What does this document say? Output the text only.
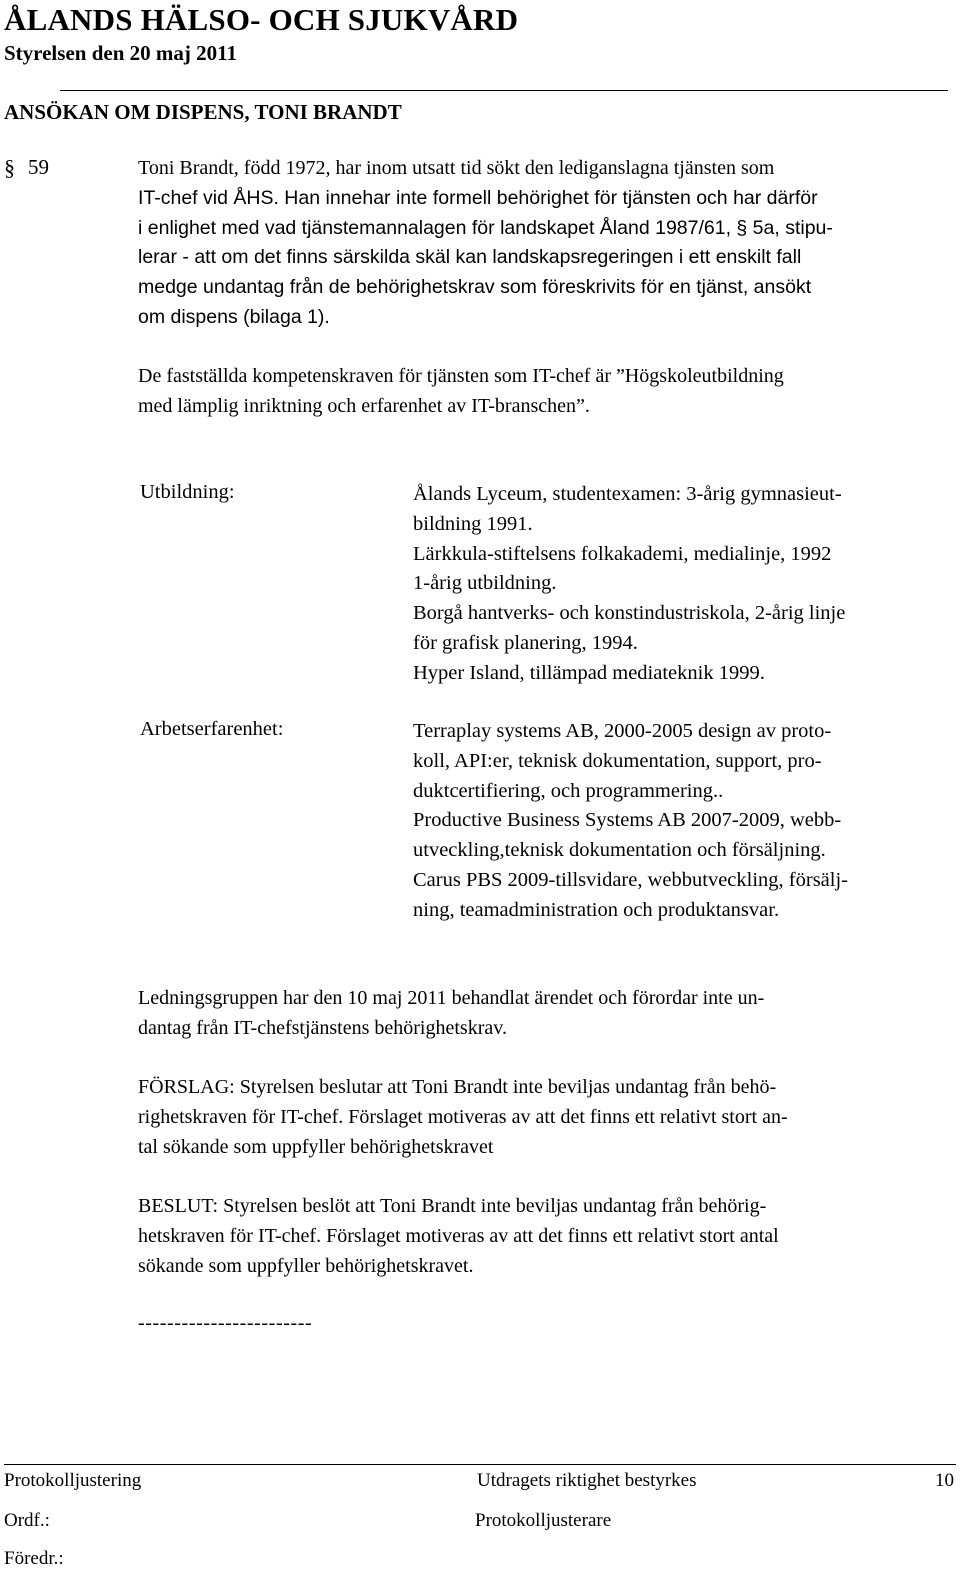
ÅLANDS HÄLSO- OCH SJUKVÅRD
Styrelsen den 20 maj 2011
ANSÖKAN OM DISPENS, TONI BRANDT
§ 59	Toni Brandt, född 1972, har inom utsatt tid sökt den lediganslagna tjänsten som
IT-chef vid ÅHS. Han innehar inte formell behörighet för tjänsten och har därför
i enlighet med vad tjänstemannalagen för landskapet Åland 1987/61, § 5a, stipu-
lerar - att om det finns särskilda skäl kan landskapsregeringen i ett enskilt fall
medge undantag från de behörighetskrav som föreskrivits för en tjänst, ansökt
om dispens (bilaga 1).
De fastställda kompetenskraven för tjänsten som IT-chef är ”Högskoleutbildning
med lämplig inriktning och erfarenhet av IT-branschen”.
Utbildning:	Ålands Lyceum, studentexamen: 3-årig gymnasieut-
bildning 1991.
Lärkkula-stiftelsens folkakademi, medialinje, 1992
1-årig utbildning.
Borgå hantverks- och konstindustriskola, 2-årig linje
för grafisk planering, 1994.
Hyper Island, tillämpad mediateknik 1999.
Arbetserfarenhet:	Terraplay systems AB, 2000-2005 design av proto-
koll, API:er, teknisk dokumentation, support, pro-
duktcertifiering, och programmering..
Productive Business Systems AB 2007-2009, webb-
utveckling,teknisk dokumentation och försäljning.
Carus PBS 2009-tillsvidare, webbutveckling, försälj-
ning, teamadministration och produktansvar.
Ledningsgruppen har den 10 maj 2011 behandlat ärendet och förordar inte un-
dantag från IT-chefstjänstens behörighetskrav.
FÖRSLAG: Styrelsen beslutar att Toni Brandt inte beviljas undantag från behö-
righetskraven för IT-chef. Förslaget motiveras av att det finns ett relativt stort an-
tal sökande som uppfyller behörighetskravet
BESLUT: Styrelsen beslöt att Toni Brandt inte beviljas undantag från behörig-
hetskraven för IT-chef. Förslaget motiveras av att det finns ett relativt stort antal
sökande som uppfyller behörighetskravet.
------------------------
Protokolljustering	Utdragets riktighet bestyrkes	10
Ordf.:	Protokolljusterare
Föredr.:
